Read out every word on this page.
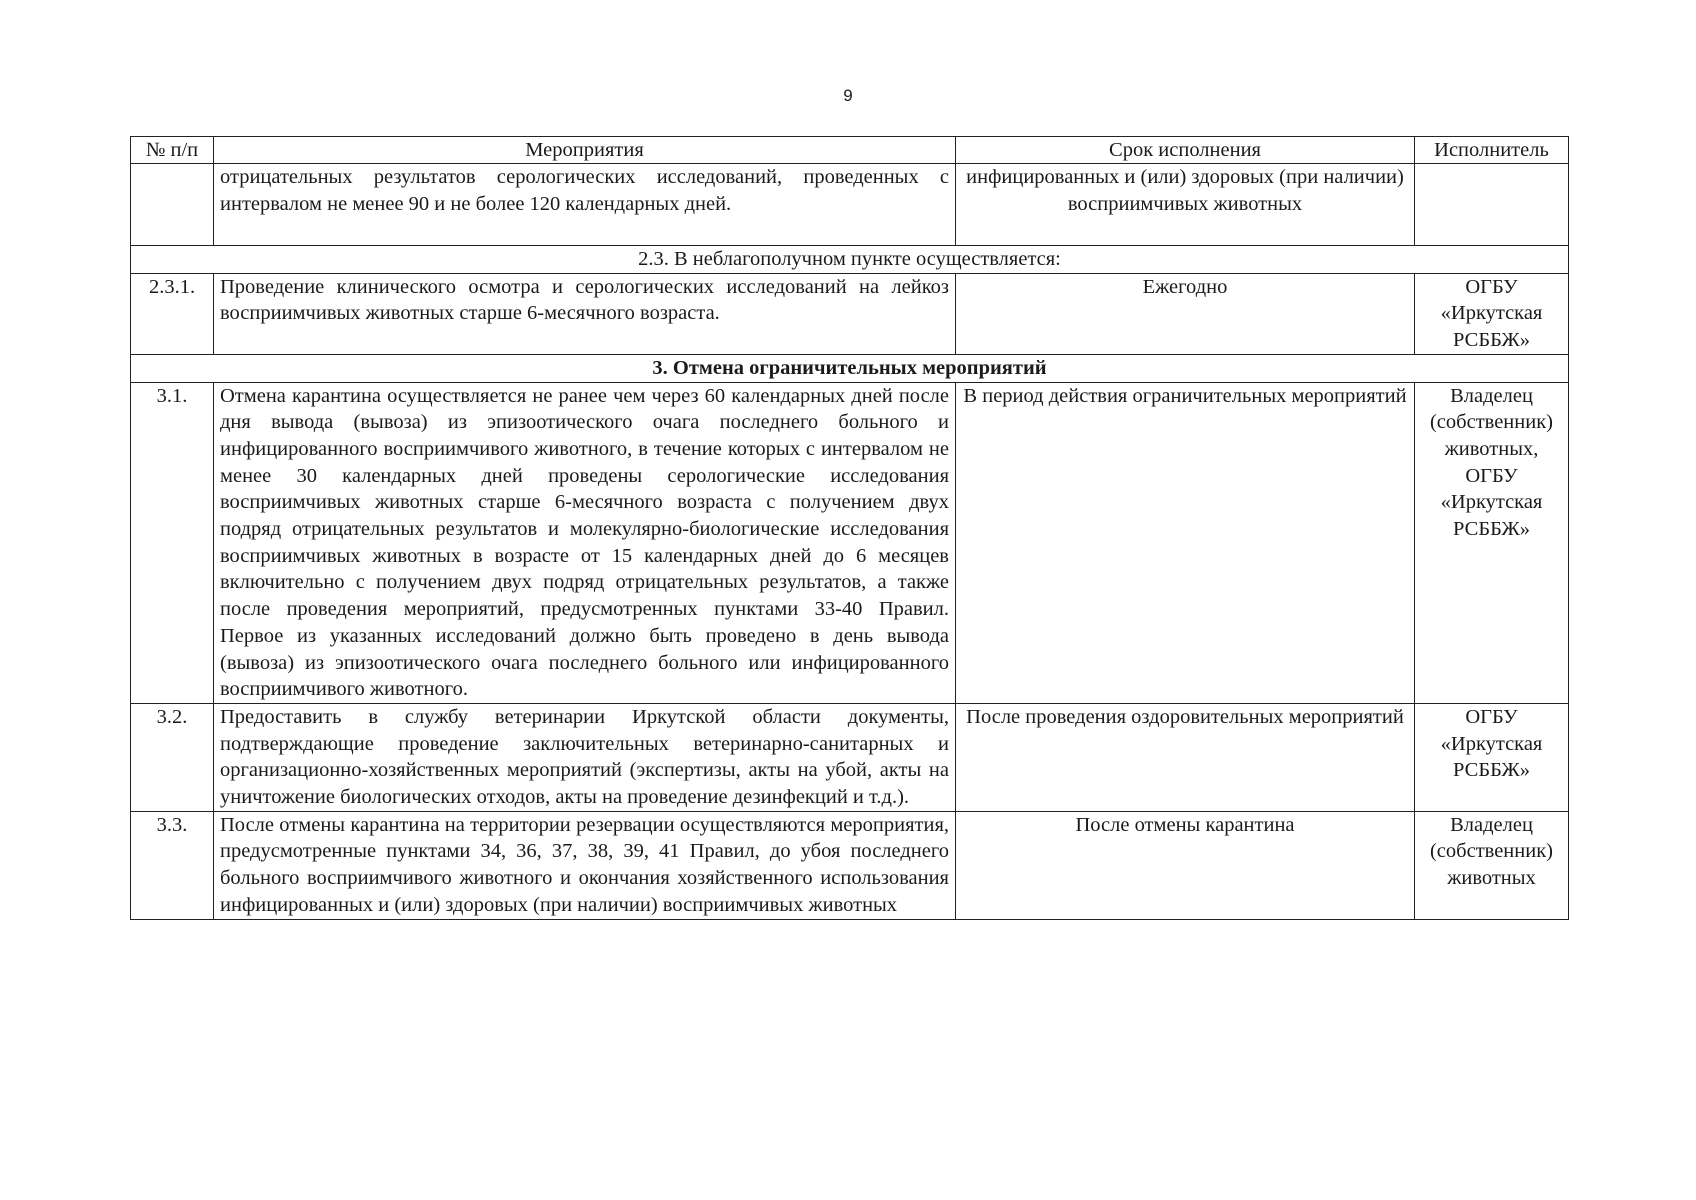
9
№ п/п	Мероприятия	Срок исполнения	Исполнитель
	отрицательных результатов серологических исследований, проведенных с интервалом не менее 90 и не более 120 календарных дней.	инфицированных и (или) здоровых (при наличии) восприимчивых животных	
2.3. В неблагополучном пункте осуществляется:			
2.3.1.	Проведение клинического осмотра и серологических исследований на лейкоз восприимчивых животных старше 6-месячного возраста.	Ежегодно	ОГБУ «Иркутская РСББЖ»
3. Отмена ограничительных мероприятий			
3.1.	Отмена карантина осуществляется не ранее чем через 60 календарных дней после дня вывода (вывоза) из эпизоотического очага последнего больного и инфицированного восприимчивого животного, в течение которых с интервалом не менее 30 календарных дней проведены серологические исследования восприимчивых животных старше 6-месячного возраста с получением двух подряд отрицательных результатов и молекулярно-биологические исследования восприимчивых животных в возрасте от 15 календарных дней до 6 месяцев включительно с получением двух подряд отрицательных результатов, а также после проведения мероприятий, предусмотренных пунктами 33-40 Правил. Первое из указанных исследований должно быть проведено в день вывода (вывоза) из эпизоотического очага последнего больного или инфицированного восприимчивого животного.	В период действия ограничительных мероприятий	Владелец (собственник) животных, ОГБУ «Иркутская РСББЖ»
3.2.	Предоставить в службу ветеринарии Иркутской области документы, подтверждающие проведение заключительных ветеринарно-санитарных и организационно-хозяйственных мероприятий (экспертизы, акты на убой, акты на уничтожение биологических отходов, акты на проведение дезинфекций и т.д.).	После проведения оздоровительных мероприятий	ОГБУ «Иркутская РСББЖ»
3.3.	После отмены карантина на территории резервации осуществляются мероприятия, предусмотренные пунктами 34, 36, 37, 38, 39, 41 Правил, до убоя последнего больного восприимчивого животного и окончания хозяйственного использования инфицированных и (или) здоровых (при наличии) восприимчивых животных	После отмены карантина	Владелец (собственник) животных
